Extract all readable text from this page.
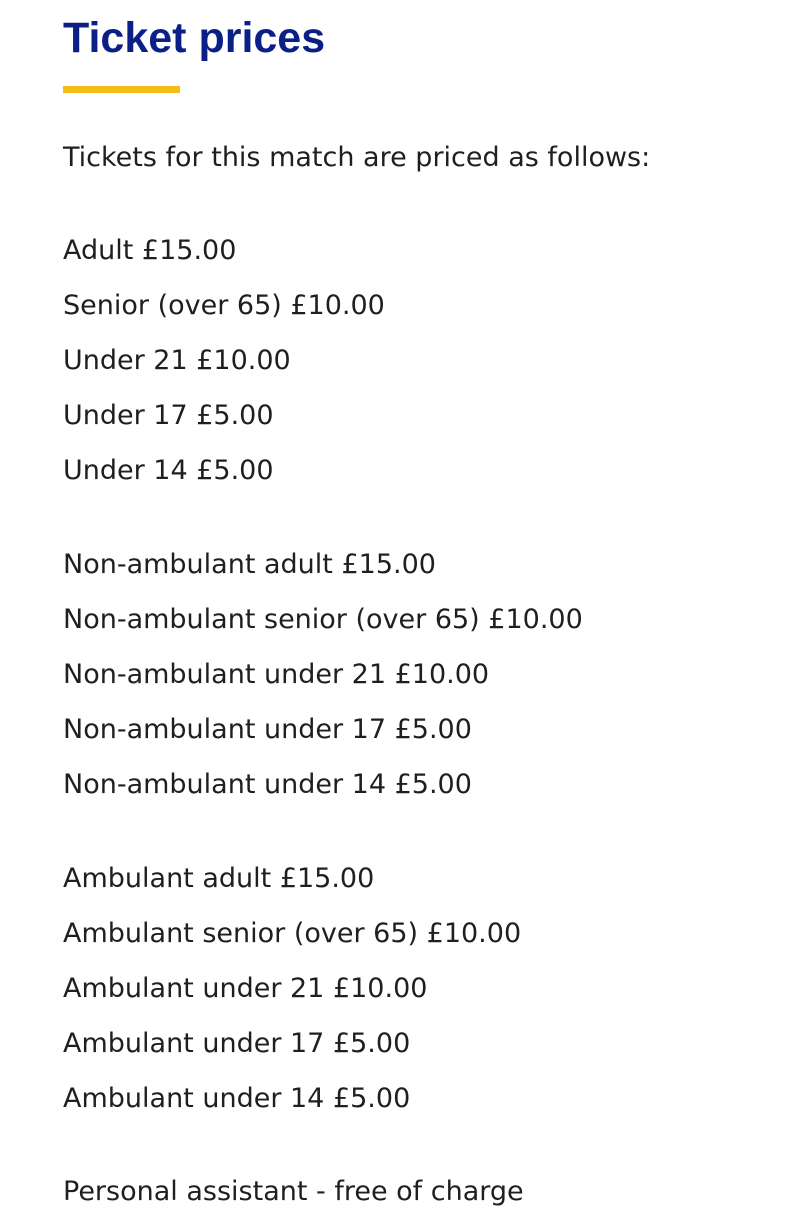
Ticket prices

Tickets for this match are priced as follows:

Adult £15.00

Senior (over 65) £10.00

Under 21 £10.00

Under 17 £5.00

Under 14 £5.00

Non-ambulant adult £15.00

Non-ambulant senior (over 65) £10.00

Non-ambulant under 21 £10.00

Non-ambulant under 17 £5.00

Non-ambulant under 14 £5.00

Ambulant adult £15.00

Ambulant senior (over 65) £10.00

Ambulant under 21 £10.00

Ambulant under 17 £5.00

Ambulant under 14 £5.00

Personal assistant - free of charge
